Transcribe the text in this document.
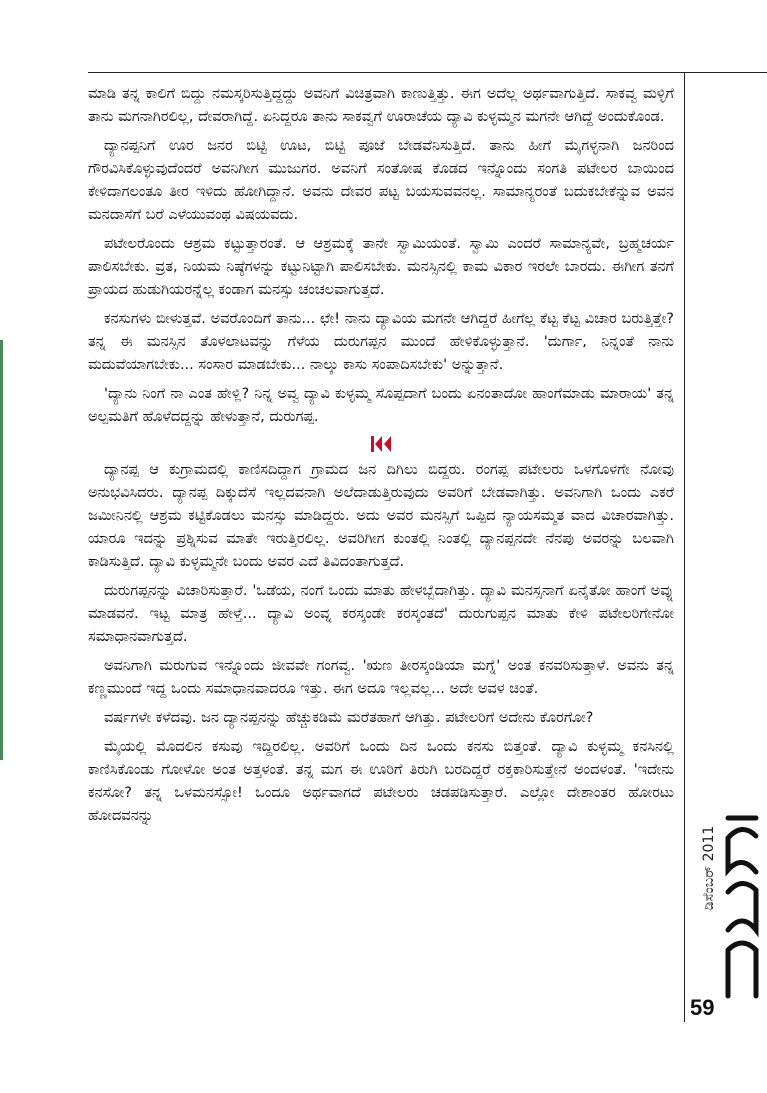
ಮಾಡಿ ತನ್ನ ಕಾಲಿಗೆ ಬಿದ್ದು ನಮಸ್ಕರಿಸುತ್ತಿದ್ದದ್ದು ಅವನಿಗೆ ವಿಚಿತ್ರವಾಗಿ ಕಾಣುತ್ತಿತ್ತು. ಈಗ ಅದೆಲ್ಲ ಅರ್ಥವಾಗುತ್ತಿದೆ. ಸಾಕವ್ವ ಮಳ್ಳಿಗೆ ತಾನು ಮಗನಾಗಿರಲಿಲ್ಲ, ದೇವರಾಗಿದ್ದೆ. ಏನಿದ್ದರೂ ತಾನು ಸಾಕವ್ವಗೆ ಊರಾಚೆಯ ದ್ಯಾವಿ ಕುಳ್ಳಮ್ಮನ ಮಗನೇ ಆಗಿದ್ದೆ ಅಂದುಕೊಂಡ.

ದ್ಯಾನಪ್ಪನಿಗೆ ಊರ ಜನರ ಬಿಟ್ಟಿ ಊಟ, ಬಿಟ್ಟಿ ಪೂಜೆ ಬೇಡವೆನಿಸುತ್ತಿದೆ. ತಾನು ಹೀಗೆ ಮೈಗಳ್ಳನಾಗಿ ಜನರಿಂದ ಗೌರವಿಸಿಕೊಳ್ಳುವುದೆಂದರೆ ಅವನಿಗೀಗ ಮುಜುಗರ. ಅವನಿಗೆ ಸಂತೋಷ ಕೊಡದ ಇನ್ನೊಂದು ಸಂಗತಿ ಪಟೇಲರ ಬಾಯಿಂದ ಕೇಳಿದಾಗಲಂತೂ ತೀರ ಇಳಿದು ಹೋಗಿದ್ದಾನೆ. ಅವನು ದೇವರ ಪಟ್ಟ ಬಯಸುವವನಲ್ಲ. ಸಾಮಾನ್ಯರಂತೆ ಬದುಕಬೇಕೆನ್ನುವ ಅವನ ಮನದಾಸೆಗೆ ಬರೆ ಎಳೆಯುವಂಥ ವಿಷಯವದು.

ಪಟೇಲರೊಂದು ಆಶ್ರಮ ಕಟ್ಟುತ್ತಾರಂತೆ. ಆ ಆಶ್ರಮಕ್ಕೆ ತಾನೇ ಸ್ವಾಮಿಯಂತೆ. ಸ್ವಾಮಿ ಎಂದರೆ ಸಾಮಾನ್ಯವೇ, ಬ್ರಹ್ಮಚರ್ಯ ಪಾಲಿಸಬೇಕು. ವ್ರತ, ನಿಯಮ ನಿಷ್ಠೆಗಳನ್ನು ಕಟ್ಟುನಿಟ್ಟಾಗಿ ಪಾಲಿಸಬೇಕು. ಮನಸ್ಸಿನಲ್ಲಿ ಕಾಮ ವಿಕಾರ ಇರಲೇ ಬಾರದು. ಈಗೀಗ ತನಗೆ ಪ್ರಾಯದ ಹುಡುಗಿಯರನ್ನೆಲ್ಲ ಕಂಡಾಗ ಮನಸ್ಸು ಚಂಚಲವಾಗುತ್ತದೆ.

ಕನಸುಗಳು ಬೀಳುತ್ತವೆ. ಅವರೊಂದಿಗೆ ತಾನು... ಛೇ! ನಾನು ದ್ಯಾವಿಯ ಮಗನೇ ಆಗಿದ್ದರೆ ಹೀಗೆಲ್ಲ ಕೆಟ್ಟ ಕೆಟ್ಟ ವಿಚಾರ ಬರುತ್ತಿತ್ತೇ? ತನ್ನ ಈ ಮನಸ್ಸಿನ ತೊಳಲಾಟವನ್ನು ಗೆಳೆಯ ದುರುಗಪ್ಪನ ಮುಂದೆ ಹೇಳಿಕೊಳ್ಳುತ್ತಾನೆ. 'ದುರ್ಗಾ, ನಿನ್ನಂತೆ ನಾನು ಮದುವೆಯಾಗಬೇಕು... ಸಂಸಾರ ಮಾಡಬೇಕು... ನಾಲ್ಕು ಕಾಸು ಸಂಪಾದಿಸಬೇಕು' ಅನ್ನುತ್ತಾನೆ.

'ದ್ಯಾನು ನಿಂಗೆ ನಾ ಎಂತ ಹೇಳ್ಲಿ? ನಿನ್ನ ಅವ್ವ ದ್ಯಾವಿ ಕುಳ್ಳಮ್ಮ ಸೊಪ್ಪದಾಗೆ ಬಂದು ಏನಂತಾದೋ ಹಾಂಗೆಮಾಡು ಮಾರಾಯ' ತನ್ನ ಅಲ್ಪಮತಿಗೆ ಹೊಳೆದದ್ದನ್ನು ಹೇಳುತ್ತಾನೆ, ದುರುಗಪ್ಪ.

ದ್ಯಾನಪ್ಪ ಆ ಕುಗ್ರಾಮದಲ್ಲಿ ಕಾಣಿಸದಿದ್ದಾಗ ಗ್ರಾಮದ ಜನ ದಿಗಿಲು ಬಿದ್ದರು. ರಂಗಪ್ಪ ಪಟೇಲರು ಒಳಗೊಳಗೇ ನೋವು ಅನುಭವಿಸಿದರು. ದ್ಯಾನಪ್ಪ ದಿಕ್ಕುದೆಸೆ ಇಲ್ಲದವನಾಗಿ ಅಲೆದಾಡುತ್ತಿರುವುದು ಅವರಿಗೆ ಬೇಡವಾಗಿತ್ತು. ಅವನಿಗಾಗಿ ಒಂದು ಎಕರೆ ಜಮೀನಿನಲ್ಲಿ ಆಶ್ರಮ ಕಟ್ಟಿಕೊಡಲು ಮನಸ್ಸು ಮಾಡಿದ್ದರು. ಅದು ಅವರ ಮನಸ್ಸಿಗೆ ಒಪ್ಪಿದ ನ್ಯಾಯಸಮ್ಮತ ವಾದ ವಿಚಾರವಾಗಿತ್ತು. ಯಾರೂ ಇದನ್ನು ಪ್ರಶ್ನಿಸುವ ಮಾತೇ ಇರುತ್ತಿರಲಿಲ್ಲ. ಅವರಿಗೀಗ ಕುಂತಲ್ಲಿ ನಿಂತಲ್ಲಿ ದ್ಯಾನಪ್ಪನದೇ ನೆನಪು ಅವರನ್ನು ಬಲವಾಗಿ ಕಾಡಿಸುತ್ತಿದೆ. ದ್ಯಾವಿ ಕುಳ್ಳಮ್ಮನೇ ಬಂದು ಅವರ ಎದೆ ತಿವಿದಂತಾಗುತ್ತದೆ.

ದುರುಗಪ್ಪನನ್ನು ವಿಚಾರಿಸುತ್ತಾರೆ. 'ಒಡೆಯ, ನಂಗೆ ಒಂದು ಮಾತು ಹೇಳಬ್ಬೆದಾಗಿತ್ತು. ದ್ಯಾವಿ ಮನಸ್ಸನಾಗೆ ಏನೈತೋ ಹಾಂಗೆ ಅವ್ನು ಮಾಡವನೆ. ಇಟ್ಟ ಮಾತ್ರ ಹೇಳ್ತೆ... ದ್ಯಾವಿ ಅಂವ್ನ ಕರಸ್ಕಂಡೇ ಕರಸ್ಕಂತದೆ' ದುರುಗುಪ್ಪನ ಮಾತು ಕೇಳಿ ಪಟೇಲರಿಗೇನೋ ಸಮಾಧಾನವಾಗುತ್ತದೆ.

ಅವನಿಗಾಗಿ ಮರುಗುವ ಇನ್ನೊಂದು ಜೀವವೇ ಗಂಗವ್ವ. 'ಋಣ ತೀರಸ್ಕಂಡಿಯಾ ಮಗ್ನೆ' ಅಂತ ಕನವರಿಸುತ್ತಾಳೆ. ಅವನು ತನ್ನ ಕಣ್ಣಮುಂದೆ ಇದ್ದ ಒಂದು ಸಮಾಧಾನವಾದರೂ ಇತ್ತು. ಈಗ ಅದೂ ಇಲ್ಲವಲ್ಲ... ಅದೇ ಅವಳ ಚಿಂತೆ.

ವರ್ಷಗಳೇ ಕಳೆದವು. ಜನ ದ್ಯಾನಪ್ಪನನ್ನು ಹೆಚ್ಚುಕಡಿಮೆ ಮರೆತಹಾಗೆ ಆಗಿತ್ತು. ಪಟೇಲರಿಗೆ ಅದೇನು ಕೊರಗೋ?

ಮೈಯಲ್ಲಿ ಮೊದಲಿನ ಕಸುವು ಇದ್ದಿರಲಿಲ್ಲ. ಅವರಿಗೆ ಒಂದು ದಿನ ಒಂದು ಕನಸು ಬಿತ್ತಂತೆ. ದ್ಯಾವಿ ಕುಳ್ಳಮ್ಮ ಕನಸಿನಲ್ಲಿ ಕಾಣಿಸಿಕೊಂಡು ಗೋಳೋ ಅಂತ ಅತ್ತಳಂತೆ. ತನ್ನ ಮಗ ಈ ಊರಿಗೆ ತಿರುಗಿ ಬರದಿದ್ದರೆ ರಕ್ತಕಾರಿಸುತ್ತೇನೆ ಅಂದಳಂತೆ. 'ಇದೇನು ಕನಸೋ? ತನ್ನ ಒಳಮನಸ್ಸೋ! ಒಂದೂ ಅರ್ಥವಾಗದೆ ಪಟೇಲರು ಚಡಪಡಿಸುತ್ತಾರೆ. ಎಲ್ಲೋ ದೇಶಾಂತರ ಹೋರಟು ಹೋದವನನ್ನು

ಡಿಸೆಂಬರ್ 2011
59
